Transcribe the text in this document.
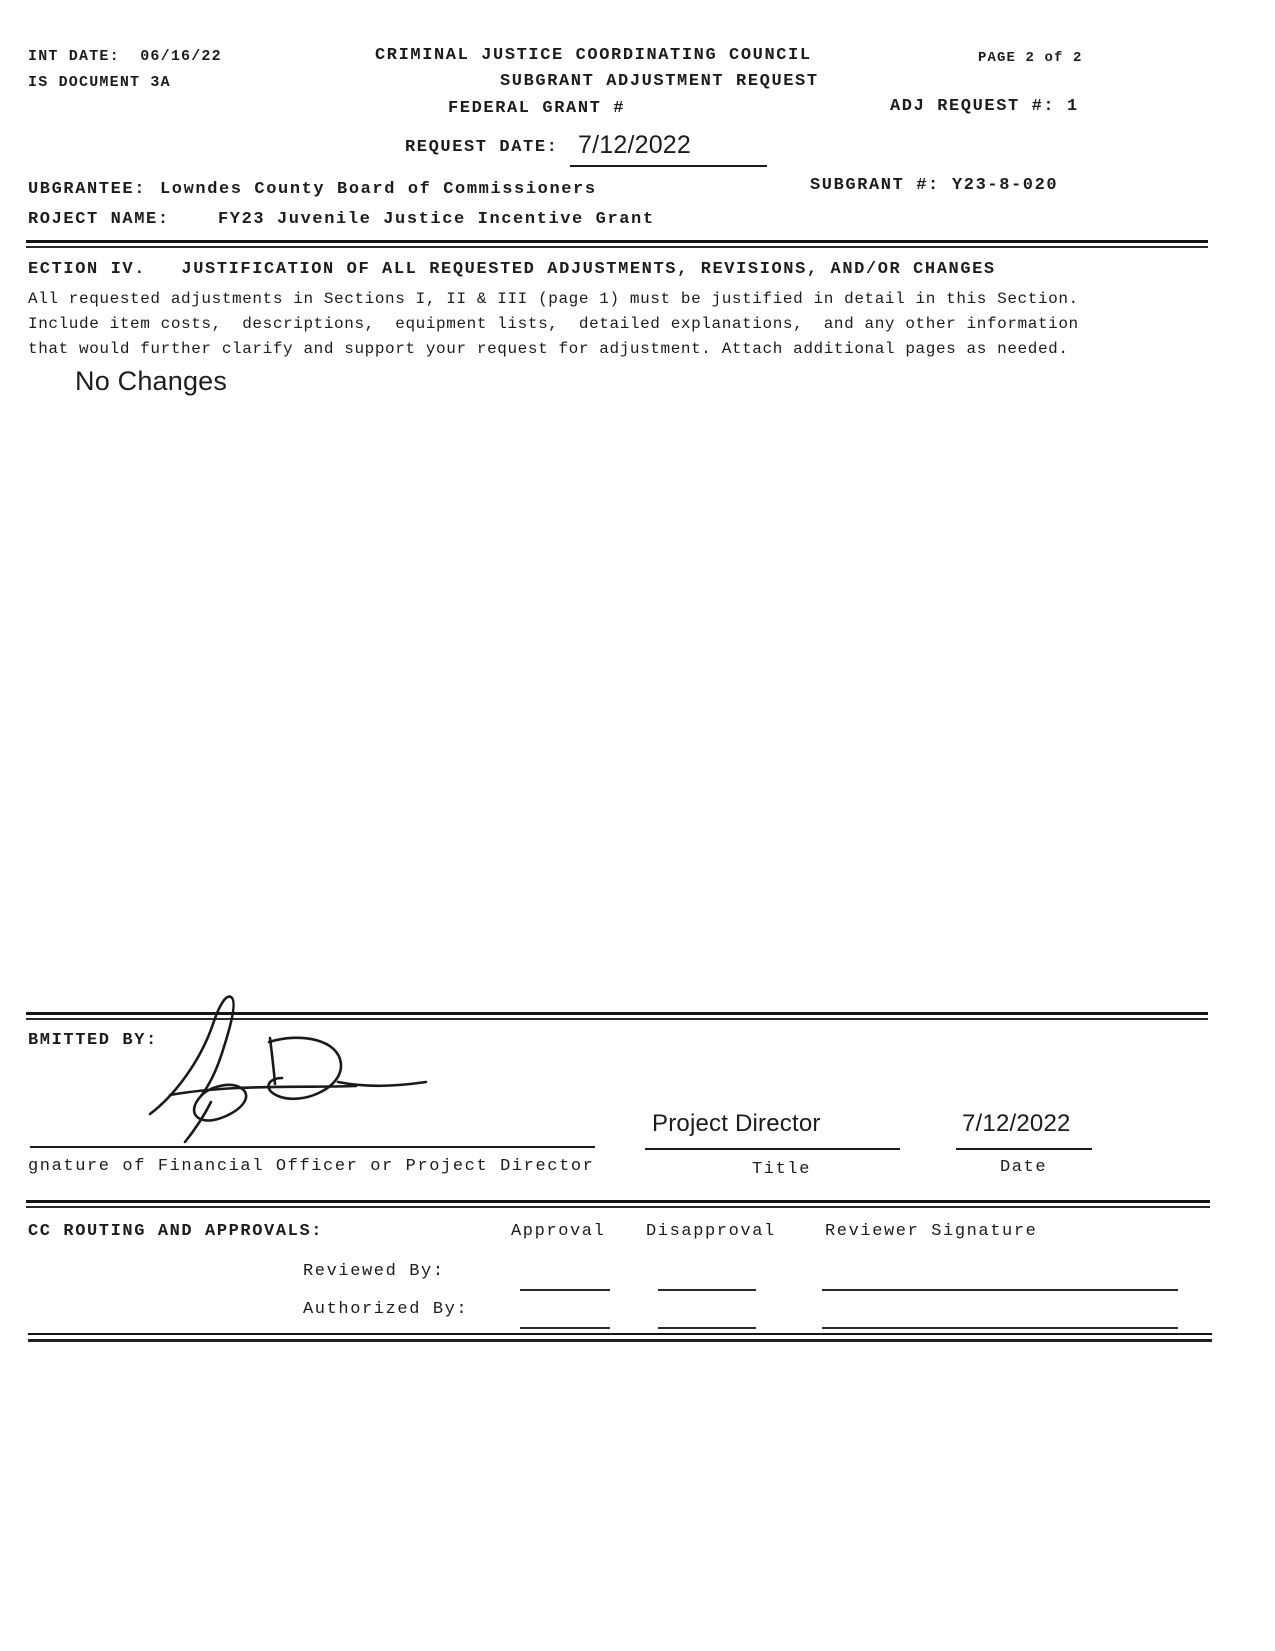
INT DATE:  06/16/22
IS DOCUMENT 3A
CRIMINAL JUSTICE COORDINATING COUNCIL
SUBGRANT ADJUSTMENT REQUEST
FEDERAL GRANT #
PAGE 2 of 2
ADJ REQUEST #: 1
REQUEST DATE: 7/12/2022
UBGRANTEE: Lowndes County Board of Commissioners	SUBGRANT #: Y23-8-020
ROJECT NAME:	FY23 Juvenile Justice Incentive Grant
ECTION IV.   JUSTIFICATION OF ALL REQUESTED ADJUSTMENTS, REVISIONS, AND/OR CHANGES
All requested adjustments in Sections I, II & III (page 1) must be justified in detail in this Section.
Include item costs,  descriptions,  equipment lists,  detailed explanations,  and any other information
that would further clarify and support your request for adjustment. Attach additional pages as needed.
No Changes
BMITTED BY:
gnature of Financial Officer or Project Director
Project Director
Title
7/12/2022
Date
CC ROUTING AND APPROVALS:	Approval Disapproval	Reviewer Signature
Reviewed By:
Authorized By:
